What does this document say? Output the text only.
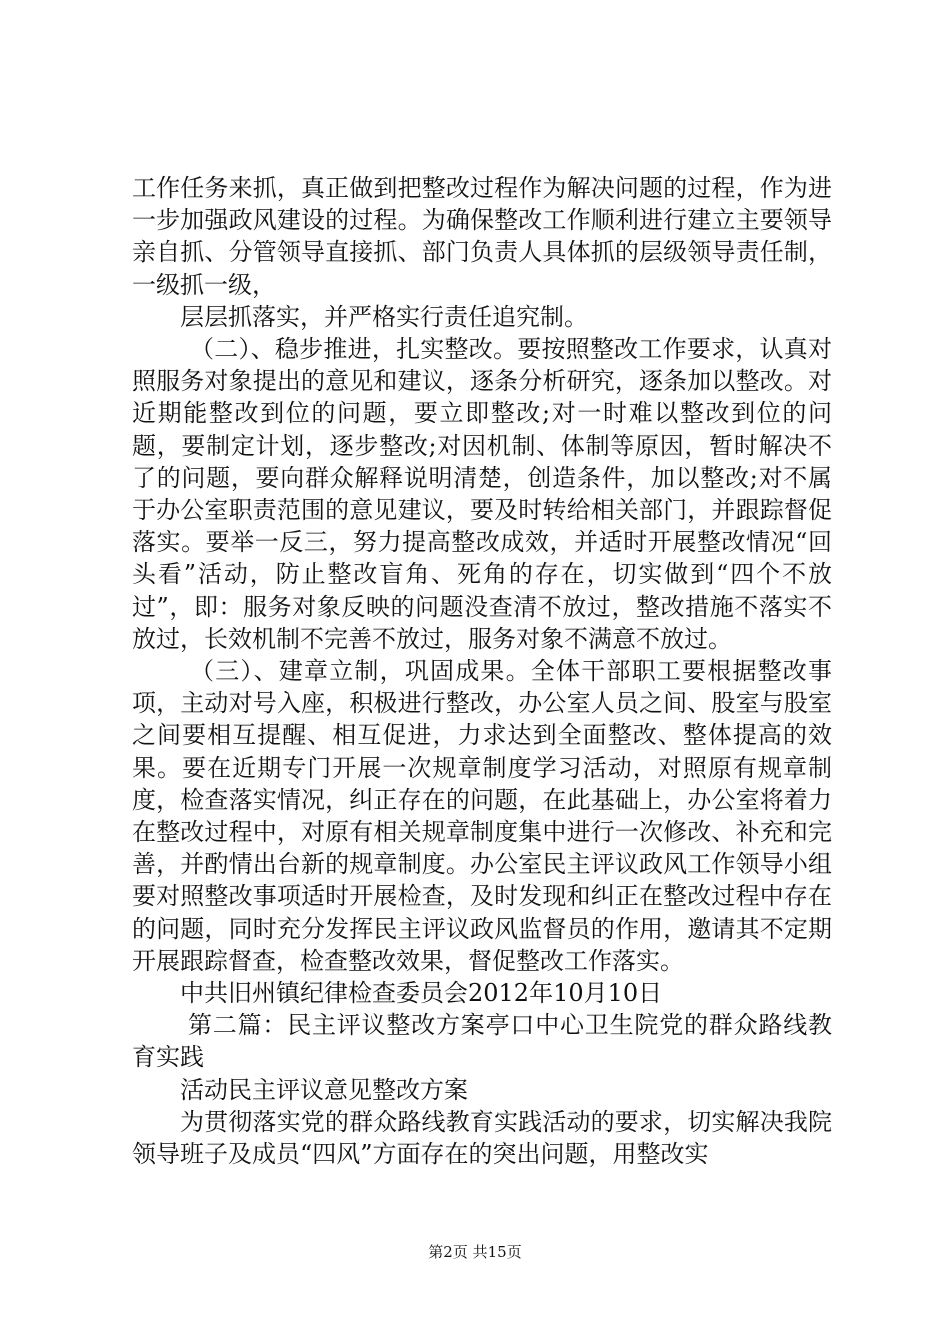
工作任务来抓，真正做到把整改过程作为解决问题的过程，作为进一步加强政风建设的过程。为确保整改工作顺利进行建立主要领导亲自抓、分管领导直接抓、部门负责人具体抓的层级领导责任制，一级抓一级，

层层抓落实，并严格实行责任追究制。

（二）、稳步推进，扎实整改。要按照整改工作要求，认真对照服务对象提出的意见和建议，逐条分析研究，逐条加以整改。对近期能整改到位的问题，要立即整改;对一时难以整改到位的问题，要制定计划，逐步整改;对因机制、体制等原因，暂时解决不了的问题，要向群众解释说明清楚，创造条件，加以整改;对不属于办公室职责范围的意见建议，要及时转给相关部门，并跟踪督促落实。要举一反三，努力提高整改成效，并适时开展整改情况“回头看”活动，防止整改盲角、死角的存在，切实做到“四个不放过”，即：服务对象反映的问题没查清不放过，整改措施不落实不放过，长效机制不完善不放过，服务对象不满意不放过。

（三）、建章立制，巩固成果。全体干部职工要根据整改事项，主动对号入座，积极进行整改，办公室人员之间、股室与股室之间要相互提醒、相互促进，力求达到全面整改、整体提高的效果。要在近期专门开展一次规章制度学习活动，对照原有规章制度，检查落实情况，纠正存在的问题，在此基础上，办公室将着力在整改过程中，对原有相关规章制度集中进行一次修改、补充和完善，并酌情出台新的规章制度。办公室民主评议政风工作领导小组要对照整改事项适时开展检查，及时发现和纠正在整改过程中存在的问题，同时充分发挥民主评议政风监督员的作用，邀请其不定期开展跟踪督查，检查整改效果，督促整改工作落实。

中共旧州镇纪律检查委员会2012年10月10日

第二篇：民主评议整改方案亭口中心卫生院党的群众路线教育实践

活动民主评议意见整改方案

为贯彻落实党的群众路线教育实践活动的要求，切实解决我院领导班子及成员“四风”方面存在的突出问题，用整改实

第2页 共15页
